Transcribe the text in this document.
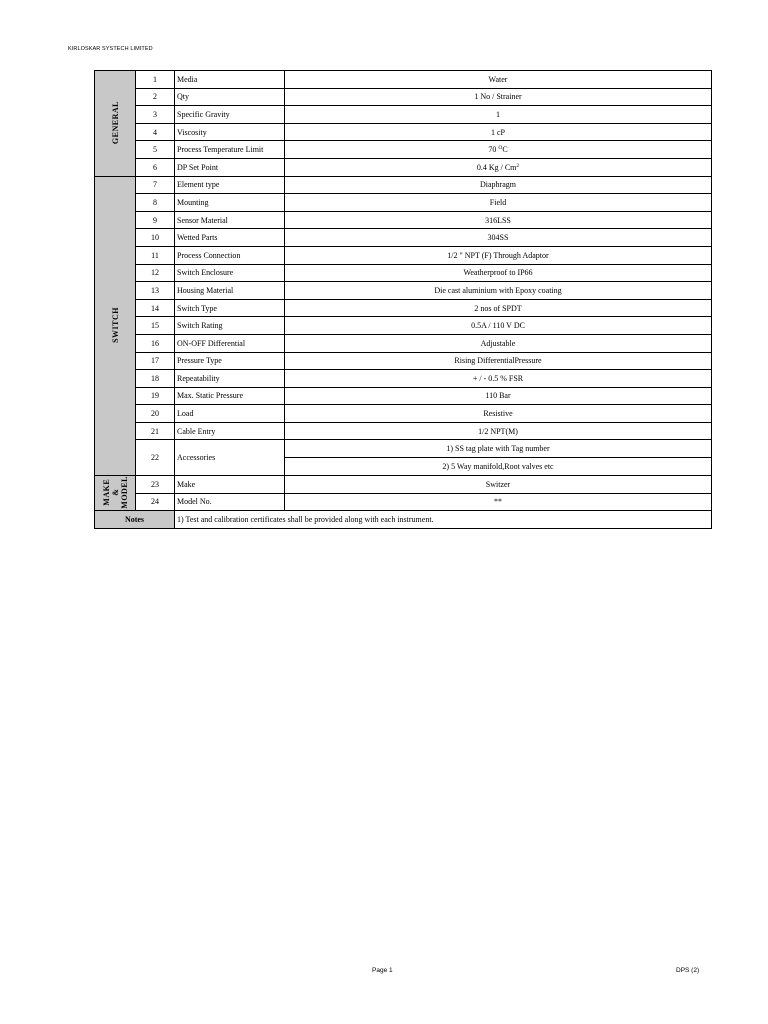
KIRLOSKAR SYSTECH LIMITED
GENERAL	1	Media	Water
	2	Qty	1 No / Strainer
	3	Specific Gravity	1
	4	Viscosity	1 cP
	5	Process Temperature Limit	70 $^O$C
	6	DP Set Point	0.4 Kg / Cm$^2$
SWITCH	7	Element type	Diaphragm
	8	Mounting	Field
	9	Sensor Material	316LSS
	10	Wetted Parts	304SS
	11	Process Connection	1/2 " NPT (F) Through Adaptor
	12	Switch Enclosure	Weatherproof to IP66
	13	Housing Material	Die cast aluminium with Epoxy coating
	14	Switch Type	2 nos of SPDT
	15	Switch Rating	0.5A / 110 V DC
	16	ON-OFF Differential	Adjustable
	17	Pressure Type	Rising DifferentialPressure
	18	Repeatability	+ / - 0.5 % FSR
	19	Max. Static Pressure	110 Bar
	20	Load	Resistive
	21	Cable Entry	1/2 NPT(M)
	22	Accessories	1) SS tag plate with Tag number
			2) 5 Way manifold,Root valves etc
MAKE &
MODEL	23	Make	Switzer
	24	Model No.	**
Notes		1) Test and calibration certificates shall be provided along with each instrument.	
Page 1	DPS (2)
